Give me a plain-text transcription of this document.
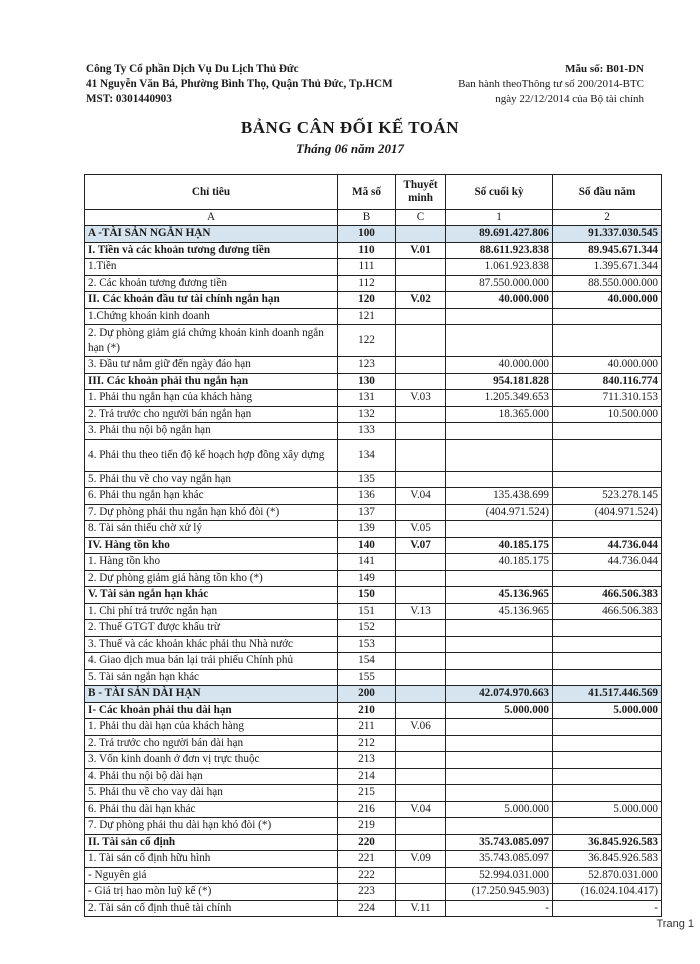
Công Ty Cổ phần Dịch Vụ Du Lịch Thủ Đức
41 Nguyễn Văn Bá, Phường Bình Thọ, Quận Thủ Đức, Tp.HCM
MST: 0301440903
Mẫu số: B01-DN
Ban hành theoThông tư số 200/2014-BTC
ngày 22/12/2014 của Bộ tài chính
BẢNG CÂN ĐỐI KẾ TOÁN
Tháng 06 năm 2017
Chỉ tiêu	Mã số	Thuyết minh	Số cuối kỳ	Số đầu năm
A	B	C	1	2
A -TÀI SẢN NGẮN HẠN	100		89.691.427.806	91.337.030.545
I. Tiền và các khoản tương đương tiền	110	V.01	88.611.923.838	89.945.671.344
1.Tiền	111		1.061.923.838	1.395.671.344
2. Các khoản tương đương tiền	112		87.550.000.000	88.550.000.000
II. Các khoản đầu tư tài chính ngắn hạn	120	V.02	40.000.000	40.000.000
1.Chứng khoán kinh doanh	121			
2. Dự phòng giảm giá chứng khoán kinh doanh ngắn hạn (*)	122			
3. Đầu tư nắm giữ đến ngày đáo hạn	123		40.000.000	40.000.000
III. Các khoản phải thu ngắn hạn	130		954.181.828	840.116.774
1. Phải thu ngắn hạn của khách hàng	131	V.03	1.205.349.653	711.310.153
2. Trả trước cho người bán ngắn hạn	132		18.365.000	10.500.000
3. Phải thu nội bộ ngắn hạn	133			
4. Phải thu theo tiến độ kế hoạch hợp đồng xây dựng	134			
5. Phải thu về cho vay ngắn hạn	135			
6. Phải thu ngắn hạn khác	136	V.04	135.438.699	523.278.145
7. Dự phòng phải thu ngắn hạn khó đòi (*)	137		(404.971.524)	(404.971.524)
8. Tài sản thiếu chờ xử lý	139	V.05		
IV. Hàng tồn kho	140	V.07	40.185.175	44.736.044
1. Hàng tồn kho	141		40.185.175	44.736.044
2. Dự phòng giảm giá hàng tồn kho (*)	149			
V. Tài sản ngắn hạn khác	150		45.136.965	466.506.383
1. Chi phí trả trước ngắn hạn	151	V.13	45.136.965	466.506.383
2. Thuế GTGT được khấu trừ	152			
3. Thuế và các khoản khác phải thu Nhà nước	153			
4. Giao dịch mua bán lại trái phiếu Chính phủ	154			
5. Tài sản ngắn hạn khác	155			
B - TÀI SẢN DÀI HẠN	200		42.074.970.663	41.517.446.569
I- Các khoản phải thu dài hạn	210		5.000.000	5.000.000
1. Phải thu dài hạn của khách hàng	211	V.06		
2. Trả trước cho người bán dài hạn	212			
3. Vốn kinh doanh ở đơn vị trực thuộc	213			
4. Phải thu nội bộ dài hạn	214			
5. Phải thu về cho vay dài hạn	215			
6. Phải thu dài hạn khác	216	V.04	5.000.000	5.000.000
7. Dự phòng phải thu dài hạn khó đòi (*)	219			
II. Tài sản cố định	220		35.743.085.097	36.845.926.583
1. Tài sản cố định hữu hình	221	V.09	35.743.085.097	36.845.926.583
- Nguyên giá	222		52.994.031.000	52.870.031.000
- Giá trị hao mòn luỹ kế (*)	223		(17.250.945.903)	(16.024.104.417)
2. Tài sản cố định thuê tài chính	224	V.11	-	-
Trang 1
